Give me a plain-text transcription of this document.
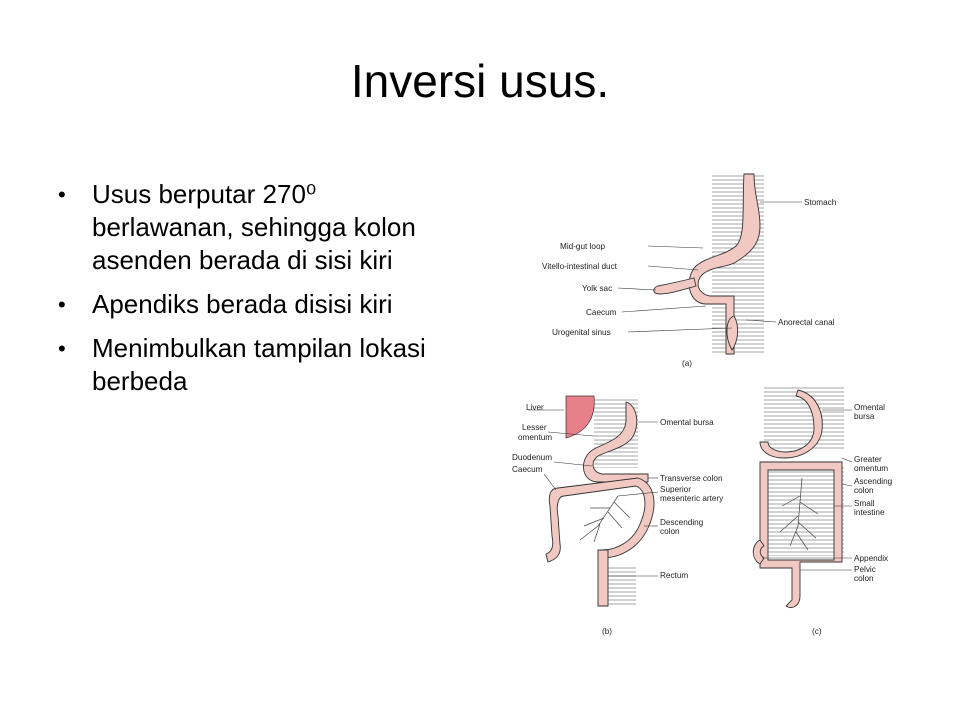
Inversi usus.
• Usus berputar 270⁰ berlawanan, sehingga kolon asenden berada di sisi kiri
• Apendiks berada disisi kiri
• Menimbulkan tampilan lokasi berbeda
Stomach
Mid-gut loop
Vitello-intestinal duct
Yolk sac
Caecum
Urogenital sinus
Anorectal canal
(a)
Liver
Lesser
omentum
Duodenum
Caecum
Omental bursa
Transverse colon
Superior
mesenteric artery
Descending
colon
Rectum
(b)
Omental
bursa
Greater
omentum
Ascending
colon
Small
intestine
Appendix
Pelvic
colon
(c)
